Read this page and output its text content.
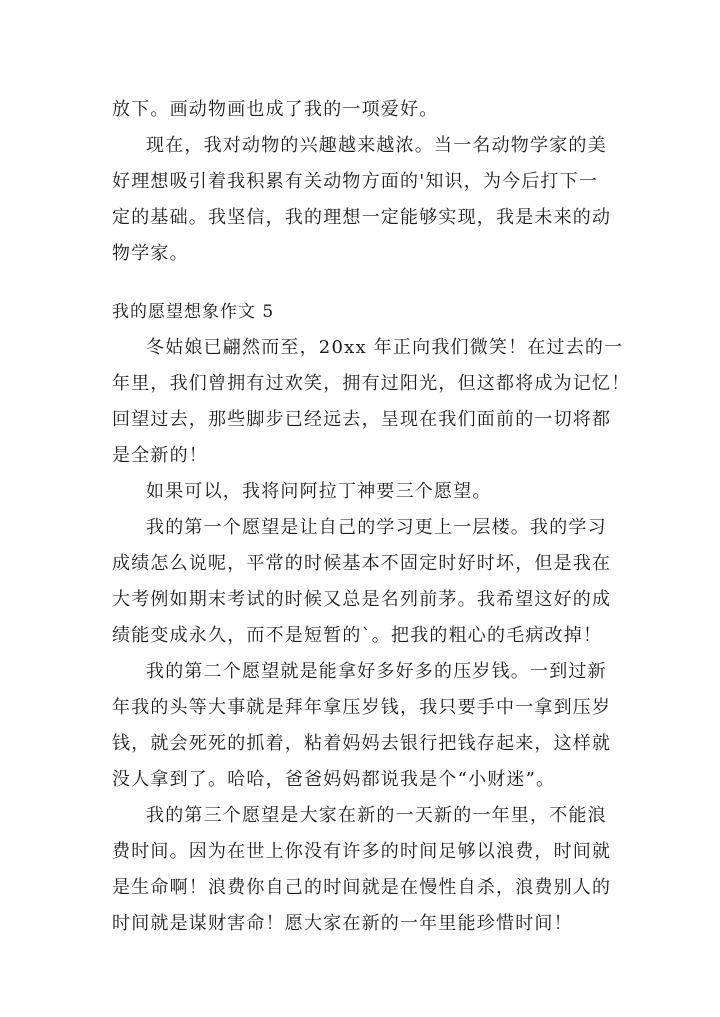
放下。画动物画也成了我的一项爱好。
现在，我对动物的兴趣越来越浓。当一名动物学家的美
好理想吸引着我积累有关动物方面的'知识，为今后打下一
定的基础。我坚信，我的理想一定能够实现，我是未来的动
物学家。
我的愿望想象作文 5
冬姑娘已翩然而至，20xx 年正向我们微笑！在过去的一
年里，我们曾拥有过欢笑，拥有过阳光，但这都将成为记忆！
回望过去，那些脚步已经远去，呈现在我们面前的一切将都
是全新的！
如果可以，我将问阿拉丁神要三个愿望。
我的第一个愿望是让自己的学习更上一层楼。我的学习
成绩怎么说呢，平常的时候基本不固定时好时坏，但是我在
大考例如期末考试的时候又总是名列前茅。我希望这好的成
绩能变成永久，而不是短暂的`。把我的粗心的毛病改掉！
我的第二个愿望就是能拿好多好多的压岁钱。一到过新
年我的头等大事就是拜年拿压岁钱，我只要手中一拿到压岁
钱，就会死死的抓着，粘着妈妈去银行把钱存起来，这样就
没人拿到了。哈哈，爸爸妈妈都说我是个“小财迷”。
我的第三个愿望是大家在新的一天新的一年里，不能浪
费时间。因为在世上你没有许多的时间足够以浪费，时间就
是生命啊！浪费你自己的时间就是在慢性自杀，浪费别人的
时间就是谋财害命！愿大家在新的一年里能珍惜时间！
